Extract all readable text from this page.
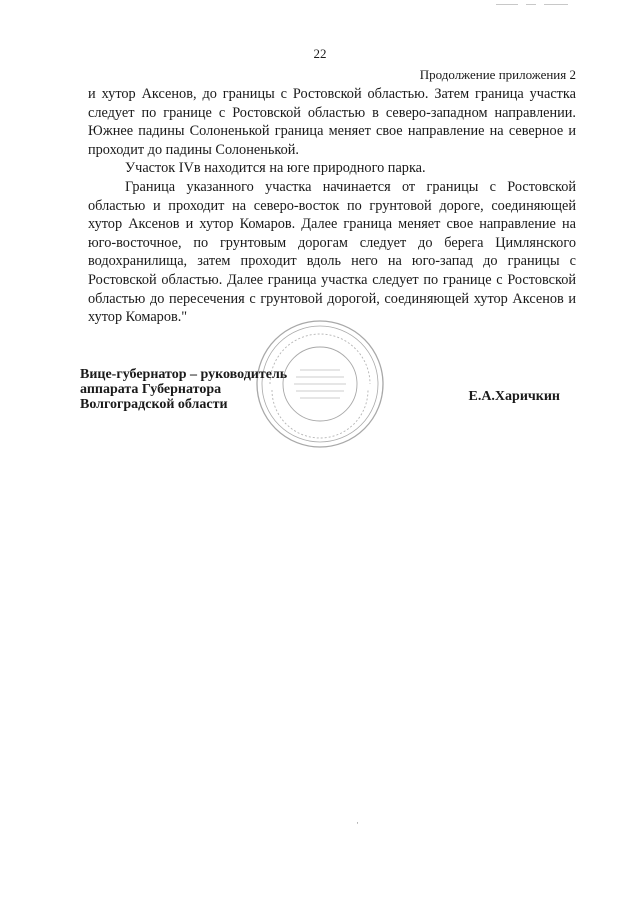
22
Продолжение приложения 2

и хутор Аксенов, до границы с Ростовской областью. Затем граница участка следует по границе с Ростовской областью в северо-западном направлении. Южнее падины Солоненькой граница меняет свое направление на северное и проходит до падины Солоненькой.

Участок IVв находится на юге природного парка.

Граница указанного участка начинается от границы с Ростовской областью и проходит на северо-восток по грунтовой дороге, соединяющей хутор Аксенов и хутор Комаров. Далее граница меняет свое направление на юго-восточное, по грунтовым дорогам следует до берега Цимлянского водохранилища, затем проходит вдоль него на юго-запад до границы с Ростовской областью. Далее граница участка следует по границе с Ростовской областью до пересечения с грунтовой дорогой, соединяющей хутор Аксенов и хутор Комаров."

Вице-губернатор – руководитель
аппарата Губернатора
Волгоградской области
Е.А.Харичкин
·
